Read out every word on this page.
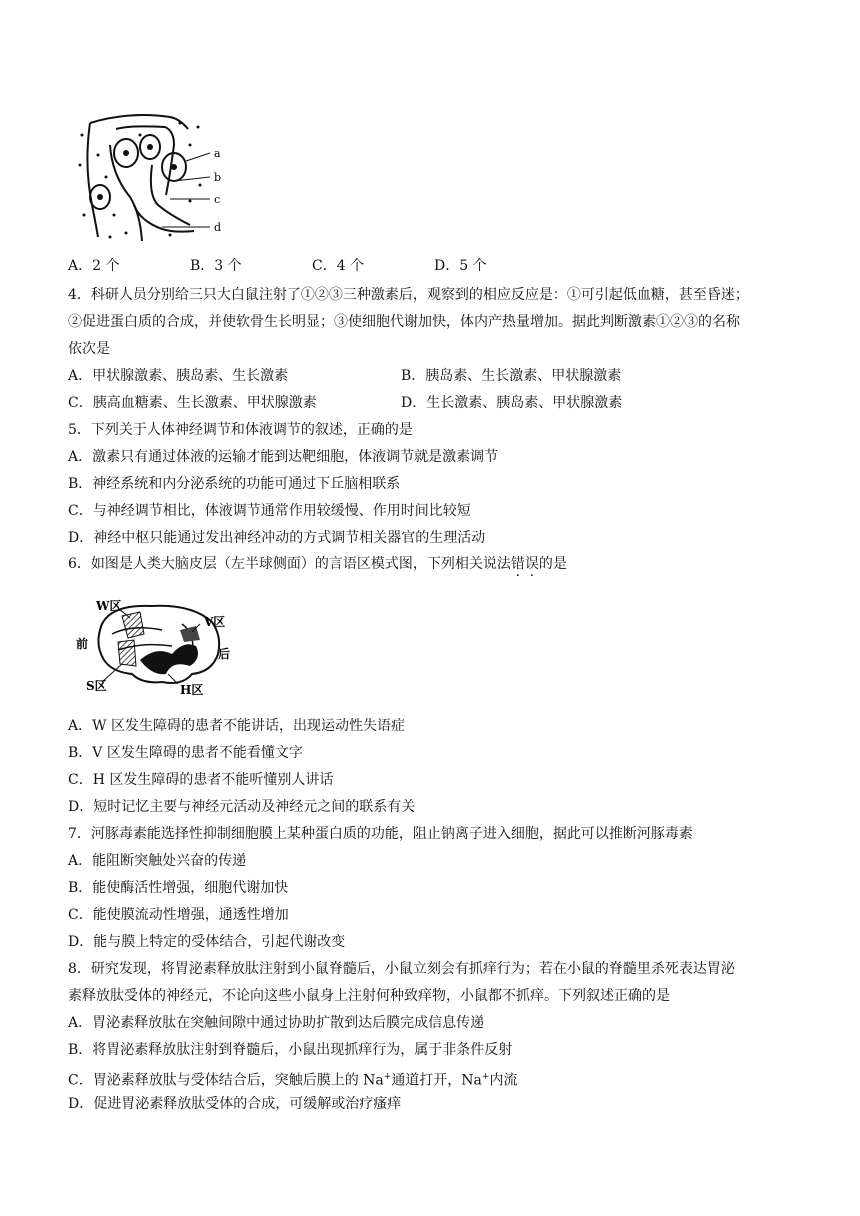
a
b
c
d
A．2 个	B．3 个	C．4 个	D．5 个
4．科研人员分别给三只大白鼠注射了①②③三种激素后，观察到的相应反应是：①可引起低血糖，甚至昏迷；
②促进蛋白质的合成，并使软骨生长明显；③使细胞代谢加快，体内产热量增加。据此判断激素①②③的名称
依次是
A．甲状腺激素、胰岛素、生长激素	B．胰岛素、生长激素、甲状腺激素
C．胰高血糖素、生长激素、甲状腺激素	D．生长激素、胰岛素、甲状腺激素
5．下列关于人体神经调节和体液调节的叙述，正确的是
A．激素只有通过体液的运输才能到达靶细胞，体液调节就是激素调节
B．神经系统和内分泌系统的功能可通过下丘脑相联系
C．与神经调节相比，体液调节通常作用较缓慢、作用时间比较短
D．神经中枢只能通过发出神经冲动的方式调节相关器官的生理活动
6．如图是人类大脑皮层（左半球侧面）的言语区模式图，下列相关说法错误的是
W区
V区
前
后
S区	H区
A．W 区发生障碍的患者不能讲话，出现运动性失语症
B．V 区发生障碍的患者不能看懂文字
C．H 区发生障碍的患者不能听懂别人讲话
D．短时记忆主要与神经元活动及神经元之间的联系有关
7．河豚毒素能选择性抑制细胞膜上某种蛋白质的功能，阻止钠离子进入细胞，据此可以推断河豚毒素
A．能阻断突触处兴奋的传递
B．能使酶活性增强，细胞代谢加快
C．能使膜流动性增强，通透性增加
D．能与膜上特定的受体结合，引起代谢改变
8．研究发现，将胃泌素释放肽注射到小鼠脊髓后，小鼠立刻会有抓痒行为；若在小鼠的脊髓里杀死表达胃泌
素释放肽受体的神经元，不论向这些小鼠身上注射何种致痒物，小鼠都不抓痒。下列叙述正确的是
A．胃泌素释放肽在突触间隙中通过协助扩散到达后膜完成信息传递
B．将胃泌素释放肽注射到脊髓后，小鼠出现抓痒行为，属于非条件反射
C．胃泌素释放肽与受体结合后，突触后膜上的 Na+通道打开，Na+内流
D．促进胃泌素释放肽受体的合成，可缓解或治疗瘙痒
